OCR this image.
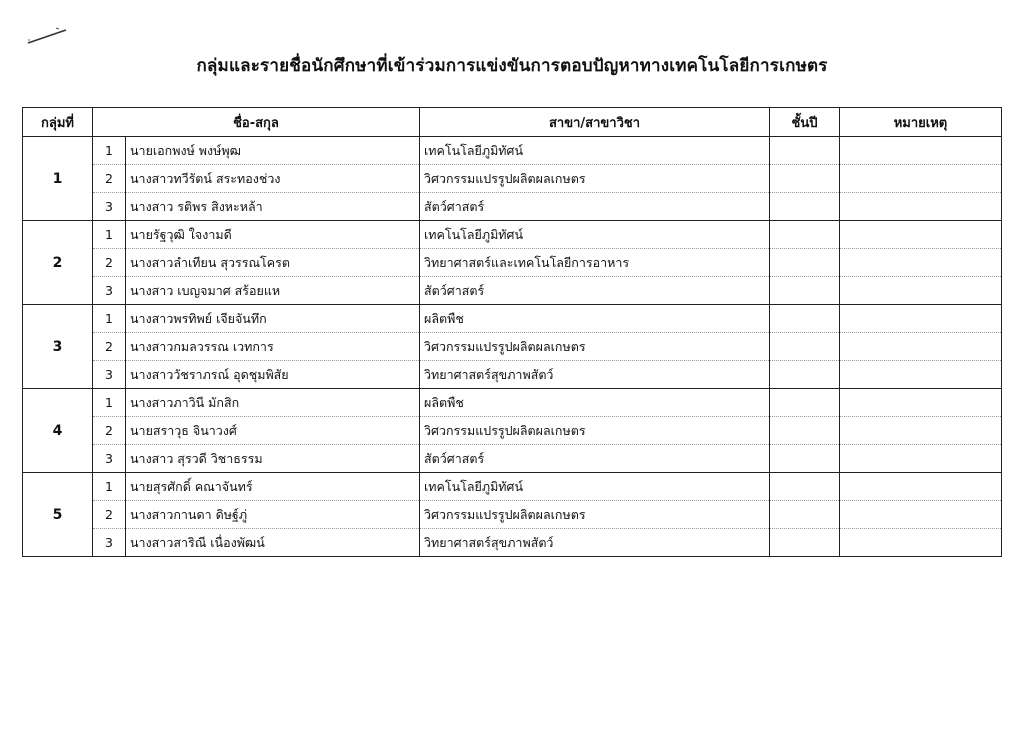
กลุ่มและรายชื่อนักศึกษาที่เข้าร่วมการแข่งขันการตอบปัญหาทางเทคโนโลยีการเกษตร
กลุ่มที่	ชื่อ-สกุล		สาขา/สาขาวิชา	ชั้นปี	หมายเหตุ
1	1	นายเอกพงษ์ พงษ์พุฒ	เทคโนโลยีภูมิทัศน์		
	2	นางสาวทวีรัตน์ สระทองช่วง	วิศวกรรมแปรรูปผลิตผลเกษตร		
	3	นางสาว รติพร สิงหะหล้า	สัตว์ศาสตร์		
2	1	นายรัฐวุฒิ ใจงามดี	เทคโนโลยีภูมิทัศน์		
	2	นางสาวลำเทียน สุวรรณโครต	วิทยาศาสตร์และเทคโนโลยีการอาหาร		
	3	นางสาว เบญจมาศ สร้อยแห	สัตว์ศาสตร์		
3	1	นางสาวพรทิพย์ เจียจันทึก	ผลิตพืช		
	2	นางสาวกมลวรรณ เวทการ	วิศวกรรมแปรรูปผลิตผลเกษตร		
	3	นางสาววัชราภรณ์ อุดชุมพิสัย	วิทยาศาสตร์สุขภาพสัตว์		
4	1	นางสาวภาวินี มักสิก	ผลิตพืช		
	2	นายสราวุธ จินาวงศ์	วิศวกรรมแปรรูปผลิตผลเกษตร		
	3	นางสาว สุรวดี วิชาธรรม	สัตว์ศาสตร์		
5	1	นายสุรศักดิ์ คณาจันทร์	เทคโนโลยีภูมิทัศน์		
	2	นางสาวกานดา ดิษฐ์ภู่	วิศวกรรมแปรรูปผลิตผลเกษตร		
	3	นางสาวสาริณี เนื่องพัฒน์	วิทยาศาสตร์สุขภาพสัตว์		
